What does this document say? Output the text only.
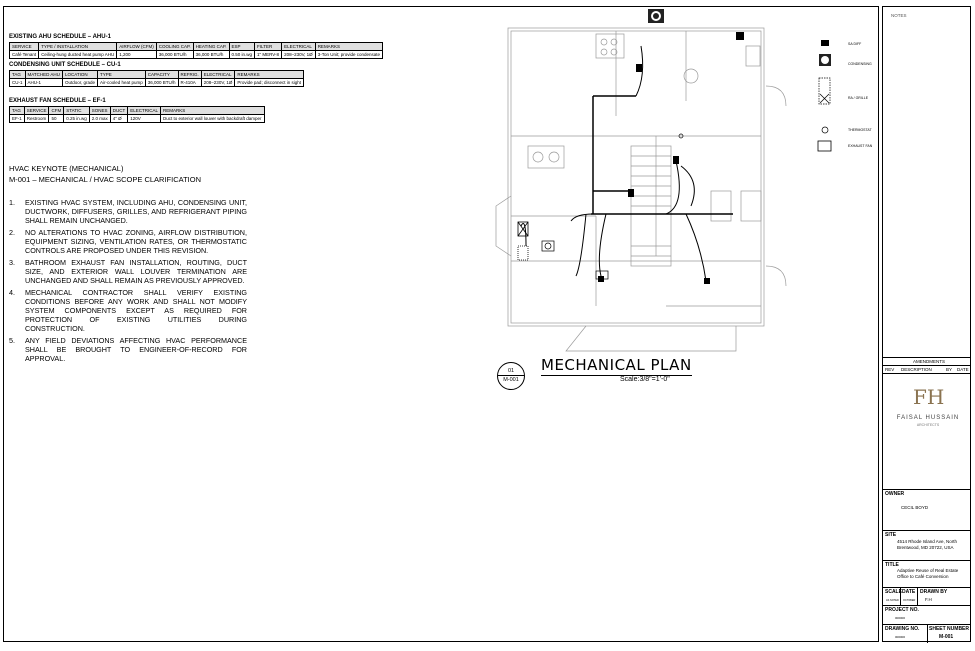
EXISTING AHU SCHEDULE – AHU-1
SERVICE	TYPE / INSTALLATION	AIRFLOW (CFM)	COOLING CAP.	HEATING CAP.	ESP	FILTER	ELECTRICAL	REMARKS
Café Tenant	Ceiling-hung ducted heat pump AHU	1,200	36,000 BTU/h	36,000 BTU/h	0.50 in.wg	1" MERV-8	208–230V, 1Ø	3-Ton Unit; provide condensate
CONDENSING UNIT SCHEDULE – CU-1
TAG	MATCHED AHU	LOCATION	TYPE	CAPACITY	REFRIG.	ELECTRICAL	REMARKS
CU-1	AHU-1	Outdoor, grade	Air-cooled heat pump	36,000 BTU/h	R-410A	208–230V, 1Ø	Provide pad; disconnect in sight
EXHAUST FAN SCHEDULE – EF-1
TAG	SERVICE	CFM	STATIC	SONES	DUCT	ELECTRICAL	REMARKS
EF-1	Restroom	50	0.25 in.wg	2.0 max	4" Ø	120V	Duct to exterior wall louver with backdraft damper
HVAC KEYNOTE (MECHANICAL)
M-001 – MECHANICAL / HVAC SCOPE CLARIFICATION
1.	EXISTING HVAC SYSTEM, INCLUDING AHU, CONDENSING UNIT, DUCTWORK, DIFFUSERS, GRILLES, AND REFRIGERANT PIPING SHALL REMAIN UNCHANGED.
2.	NO ALTERATIONS TO HVAC ZONING, AIRFLOW DISTRIBUTION, EQUIPMENT SIZING, VENTILATION RATES, OR THERMOSTATIC CONTROLS ARE PROPOSED UNDER THIS REVISION.
3.	BATHROOM EXHAUST FAN INSTALLATION, ROUTING, DUCT SIZE, AND EXTERIOR WALL LOUVER TERMINATION ARE UNCHANGED AND SHALL REMAIN AS PREVIOUSLY APPROVED.
4.	MECHANICAL CONTRACTOR SHALL VERIFY EXISTING CONDITIONS BEFORE ANY WORK AND SHALL NOT MODIFY SYSTEM COMPONENTS EXCEPT AS REQUIRED FOR PROTECTION OF EXISTING UTILITIES DURING CONSTRUCTION.
5.	ANY FIELD DEVIATIONS AFFECTING HVAC PERFORMANCE SHALL BE BROUGHT TO ENGINEER-OF-RECORD FOR APPROVAL.
01
M-001
MECHANICAL PLAN
Scale:3/8"=1'-0"
SA DIFF
CONDENSING
RA / GRILLE
THERMOSTAT
EXHAUST FAN
NOTES
AMENDMENTS
REV DESCRIPTION	BY DATE
FH
FAISAL HUSSAIN
ARCHITECTS
OWNER
CECIL BOYD
SITE
4514 Rhode Island Ave, North Brentwood, MD 20722, USA
TITLE
Adaptive Reuse of Real Estate Office to Café Conversion
SCALE
AS NOTED
DATE
OCTOBER
DRAWN BY
F.H
PROJECT NO.
000000
DRAWING NO.
000000
SHEET NUMBER
M-001
